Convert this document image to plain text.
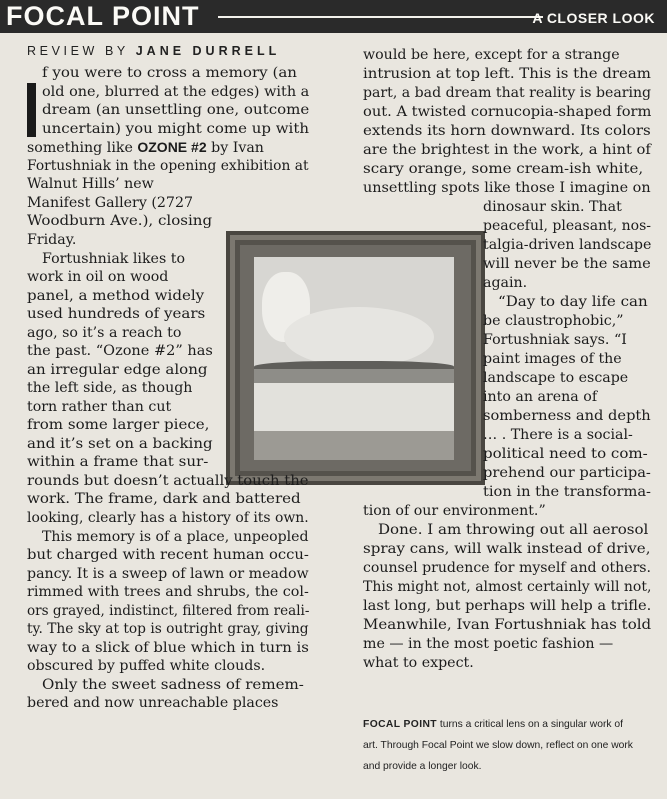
FOCAL POINT	A CLOSER LOOK
REVIEW BY JANE DURRELL
f you were to cross a memory (an
old one, blurred at the edges) with a
dream (an unsettling one, outcome
uncertain) you might come up with
something like OZONE #2 by Ivan
Fortushniak in the opening exhibition at
Walnut Hills’ new
Manifest Gallery (2727
Woodburn Ave.), closing
Friday.
Fortushniak likes to
work in oil on wood
panel, a method widely
used hundreds of years
ago, so it’s a reach to
the past. “Ozone #2” has
an irregular edge along
the left side, as though
torn rather than cut
from some larger piece,
and it’s set on a backing
within a frame that sur-
rounds but doesn’t actually touch the
work. The frame, dark and battered
looking, clearly has a history of its own.
This memory is of a place, unpeopled
but charged with recent human occu-
pancy. It is a sweep of lawn or meadow
rimmed with trees and shrubs, the col-
ors grayed, indistinct, filtered from reali-
ty. The sky at top is outright gray, giving
way to a slick of blue which in turn is
obscured by puffed white clouds.
Only the sweet sadness of remem-
bered and now unreachable places
would be here, except for a strange
intrusion at top left. This is the dream
part, a bad dream that reality is bearing
out. A twisted cornucopia-shaped form
extends its horn downward. Its colors
are the brightest in the work, a hint of
scary orange, some cream-ish white,
unsettling spots like those I imagine on
dinosaur skin. That
peaceful, pleasant, nos-
talgia-driven landscape
will never be the same
again.
“Day to day life can
be claustrophobic,”
Fortushniak says. “I
paint images of the
landscape to escape
into an arena of
somberness and depth
… . There is a social-
political need to com-
prehend our participa-
tion in the transforma-
tion of our environment.”
Done. I am throwing out all aerosol
spray cans, will walk instead of drive,
counsel prudence for myself and others.
This might not, almost certainly will not,
last long, but perhaps will help a trifle.
Meanwhile, Ivan Fortushniak has told
me — in the most poetic fashion —
what to expect.
FOCAL POINT turns a critical lens on a singular work of
art. Through Focal Point we slow down, reflect on one work
and provide a longer look.
